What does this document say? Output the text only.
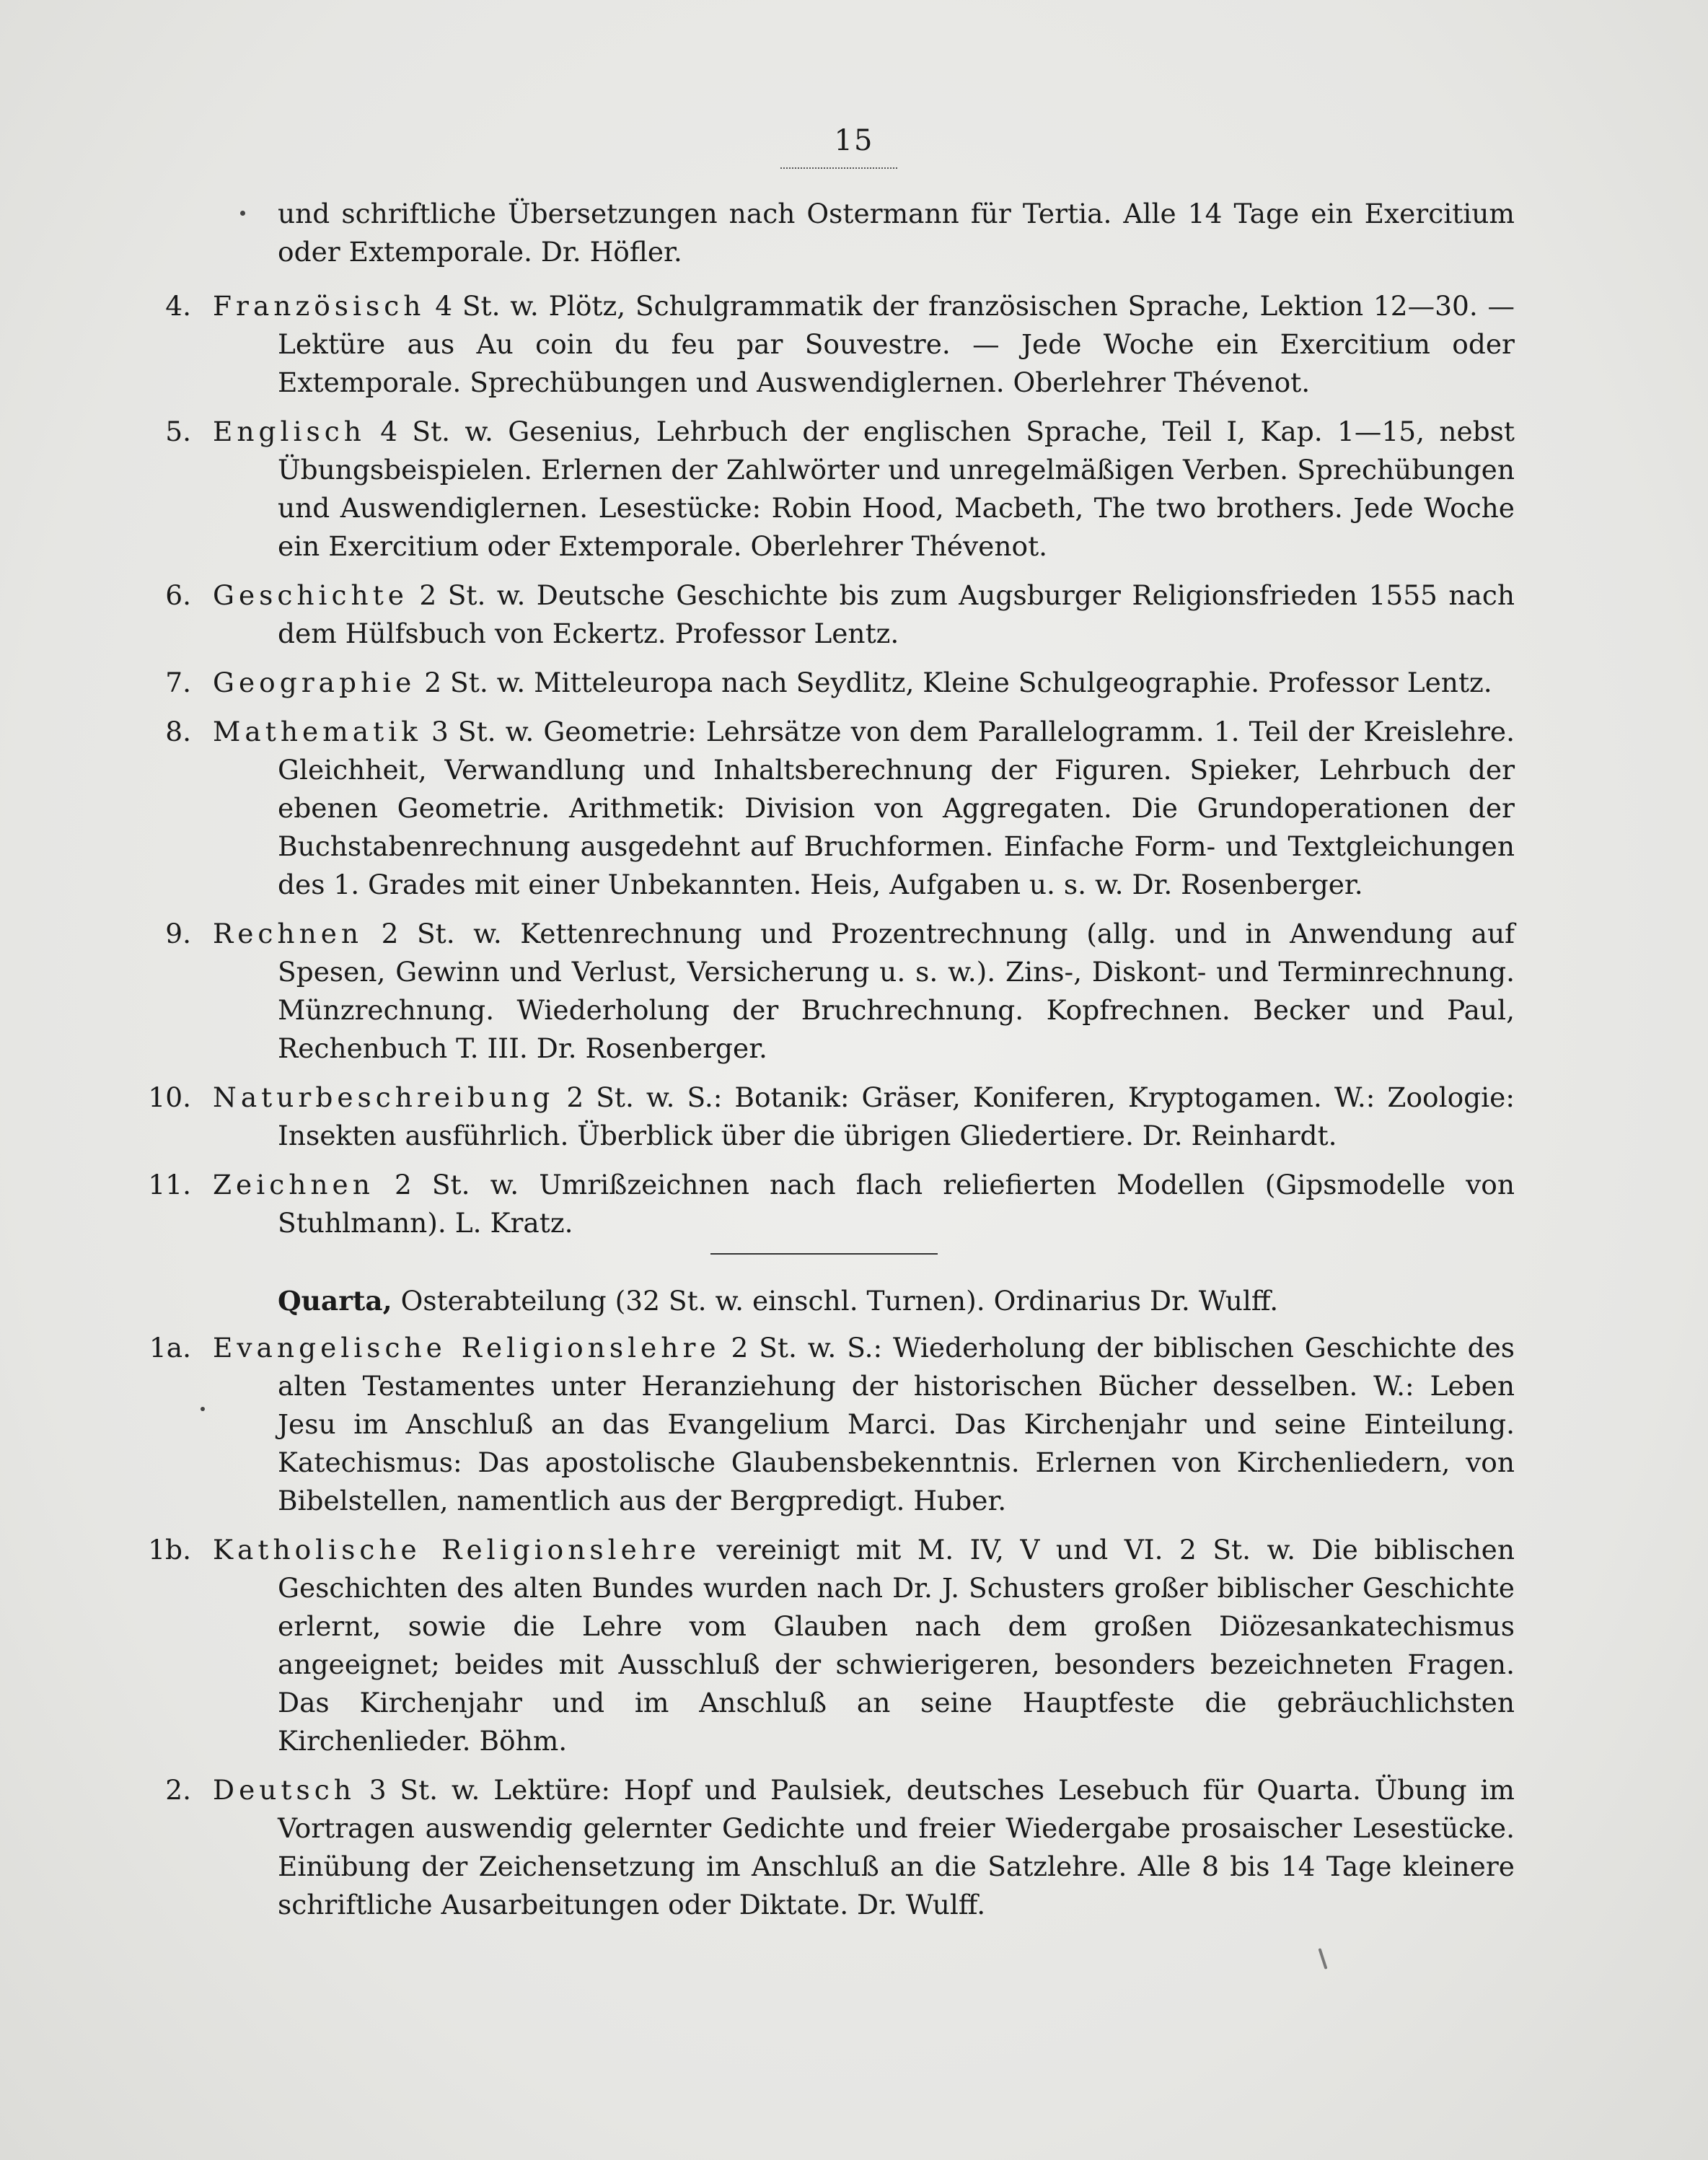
15

und schriftliche Übersetzungen nach Ostermann für Tertia. Alle 14 Tage ein Exercitium oder Extemporale. Dr. Höfler.

4. Französisch 4 St. w. Plötz, Schulgrammatik der französischen Sprache, Lektion 12—30. — Lektüre aus Au coin du feu par Souvestre. — Jede Woche ein Exercitium oder Extemporale. Sprechübungen und Auswendiglernen. Oberlehrer Thévenot.

5. Englisch 4 St. w. Gesenius, Lehrbuch der englischen Sprache, Teil I, Kap. 1—15, nebst Übungsbeispielen. Erlernen der Zahlwörter und unregelmäßigen Verben. Sprechübungen und Auswendiglernen. Lesestücke: Robin Hood, Macbeth, The two brothers. Jede Woche ein Exercitium oder Extemporale. Oberlehrer Thévenot.

6. Geschichte 2 St. w. Deutsche Geschichte bis zum Augsburger Religionsfrieden 1555 nach dem Hülfsbuch von Eckertz. Professor Lentz.

7. Geographie 2 St. w. Mitteleuropa nach Seydlitz, Kleine Schulgeographie. Professor Lentz.

8. Mathematik 3 St. w. Geometrie: Lehrsätze von dem Parallelogramm. 1. Teil der Kreislehre. Gleichheit, Verwandlung und Inhaltsberechnung der Figuren. Spieker, Lehrbuch der ebenen Geometrie. Arithmetik: Division von Aggregaten. Die Grundoperationen der Buchstabenrechnung ausgedehnt auf Bruchformen. Einfache Form- und Textgleichungen des 1. Grades mit einer Unbekannten. Heis, Aufgaben u. s. w. Dr. Rosenberger.

9. Rechnen 2 St. w. Kettenrechnung und Prozentrechnung (allg. und in Anwendung auf Spesen, Gewinn und Verlust, Versicherung u. s. w.). Zins-, Diskont- und Terminrechnung. Münzrechnung. Wiederholung der Bruchrechnung. Kopfrechnen. Becker und Paul, Rechenbuch T. III. Dr. Rosenberger.

10. Naturbeschreibung 2 St. w. S.: Botanik: Gräser, Koniferen, Kryptogamen. W.: Zoologie: Insekten ausführlich. Überblick über die übrigen Gliedertiere. Dr. Reinhardt.

11. Zeichnen 2 St. w. Umrißzeichnen nach flach reliefierten Modellen (Gipsmodelle von Stuhlmann). L. Kratz.

Quarta, Osterabteilung (32 St. w. einschl. Turnen). Ordinarius Dr. Wulff.

1a. Evangelische Religionslehre 2 St. w. S.: Wiederholung der biblischen Geschichte des alten Testamentes unter Heranziehung der historischen Bücher desselben. W.: Leben Jesu im Anschluß an das Evangelium Marci. Das Kirchenjahr und seine Einteilung. Katechismus: Das apostolische Glaubensbekenntnis. Erlernen von Kirchenliedern, von Bibelstellen, namentlich aus der Bergpredigt. Huber.

1b. Katholische Religionslehre vereinigt mit M. IV, V und VI. 2 St. w. Die biblischen Geschichten des alten Bundes wurden nach Dr. J. Schusters großer biblischer Geschichte erlernt, sowie die Lehre vom Glauben nach dem großen Diözesankatechismus angeeignet; beides mit Ausschluß der schwierigeren, besonders bezeichneten Fragen. Das Kirchenjahr und im Anschluß an seine Hauptfeste die gebräuchlichsten Kirchenlieder. Böhm.

2. Deutsch 3 St. w. Lektüre: Hopf und Paulsiek, deutsches Lesebuch für Quarta. Übung im Vortragen auswendig gelernter Gedichte und freier Wiedergabe prosaischer Lesestücke. Einübung der Zeichensetzung im Anschluß an die Satzlehre. Alle 8 bis 14 Tage kleinere schriftliche Ausarbeitungen oder Diktate. Dr. Wulff.
